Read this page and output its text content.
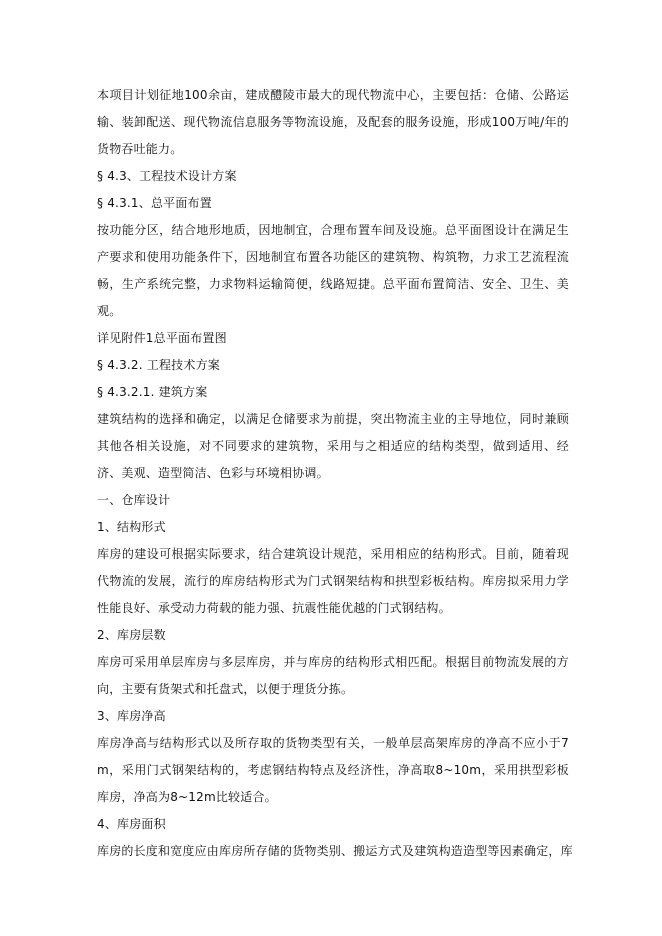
本项目计划征地100余亩，建成醴陵市最大的现代物流中心，主要包括：仓储、公路运输、装卸配送、现代物流信息服务等物流设施，及配套的服务设施，形成100万吨/年的货物吞吐能力。

§ 4.3、工程技术设计方案

§ 4.3.1、总平面布置

按功能分区，结合地形地质，因地制宜，合理布置车间及设施。总平面图设计在满足生产要求和使用功能条件下，因地制宜布置各功能区的建筑物、构筑物，力求工艺流程流畅，生产系统完整，力求物料运输简便，线路短捷。总平面布置简洁、安全、卫生、美观。

详见附件1总平面布置图

§ 4.3.2. 工程技术方案

§ 4.3.2.1. 建筑方案

建筑结构的选择和确定，以满足仓储要求为前提，突出物流主业的主导地位，同时兼顾其他各相关设施，对不同要求的建筑物，采用与之相适应的结构类型，做到适用、经济、美观、造型简洁、色彩与环境相协调。

一、仓库设计

1、结构形式

库房的建设可根据实际要求，结合建筑设计规范，采用相应的结构形式。目前，随着现代物流的发展，流行的库房结构形式为门式钢架结构和拱型彩板结构。库房拟采用力学性能良好、承受动力荷载的能力强、抗震性能优越的门式钢结构。

2、库房层数

库房可采用单层库房与多层库房，并与库房的结构形式相匹配。根据目前物流发展的方向，主要有货架式和托盘式，以便于理货分拣。

3、库房净高

库房净高与结构形式以及所存取的货物类型有关，一般单层高架库房的净高不应小于7m，采用门式钢架结构的，考虑钢结构特点及经济性，净高取8~10m，采用拱型彩板库房，净高为8~12m比较适合。

4、库房面积

库房的长度和宽度应由库房所存储的货物类别、搬运方式及建筑构造造型等因素确定，库
